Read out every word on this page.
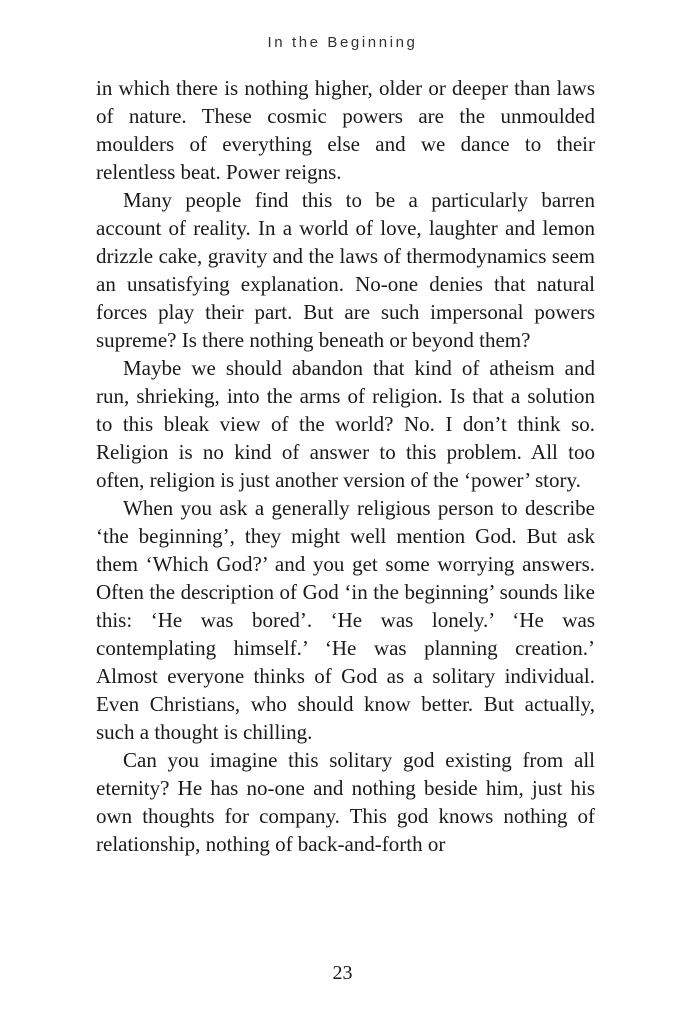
In the Beginning

in which there is nothing higher, older or deeper than laws of nature. These cosmic powers are the unmoulded moulders of everything else and we dance to their relentless beat. Power reigns.

Many people find this to be a particularly barren account of reality. In a world of love, laughter and lemon drizzle cake, gravity and the laws of thermodynamics seem an unsatisfying explanation. No-one denies that natural forces play their part. But are such impersonal powers supreme? Is there nothing beneath or beyond them?

Maybe we should abandon that kind of atheism and run, shrieking, into the arms of religion. Is that a solution to this bleak view of the world? No. I don’t think so. Religion is no kind of answer to this problem. All too often, religion is just another version of the ‘power’ story.

When you ask a generally religious person to describe ‘the beginning’, they might well mention God. But ask them ‘Which God?’ and you get some worrying answers. Often the description of God ‘in the beginning’ sounds like this: ‘He was bored’. ‘He was lonely.’ ‘He was contemplating himself.’ ‘He was planning creation.’ Almost everyone thinks of God as a solitary individual. Even Christians, who should know better. But actually, such a thought is chilling.

Can you imagine this solitary god existing from all eternity? He has no-one and nothing beside him, just his own thoughts for company. This god knows nothing of relationship, nothing of back-and-forth or

23
